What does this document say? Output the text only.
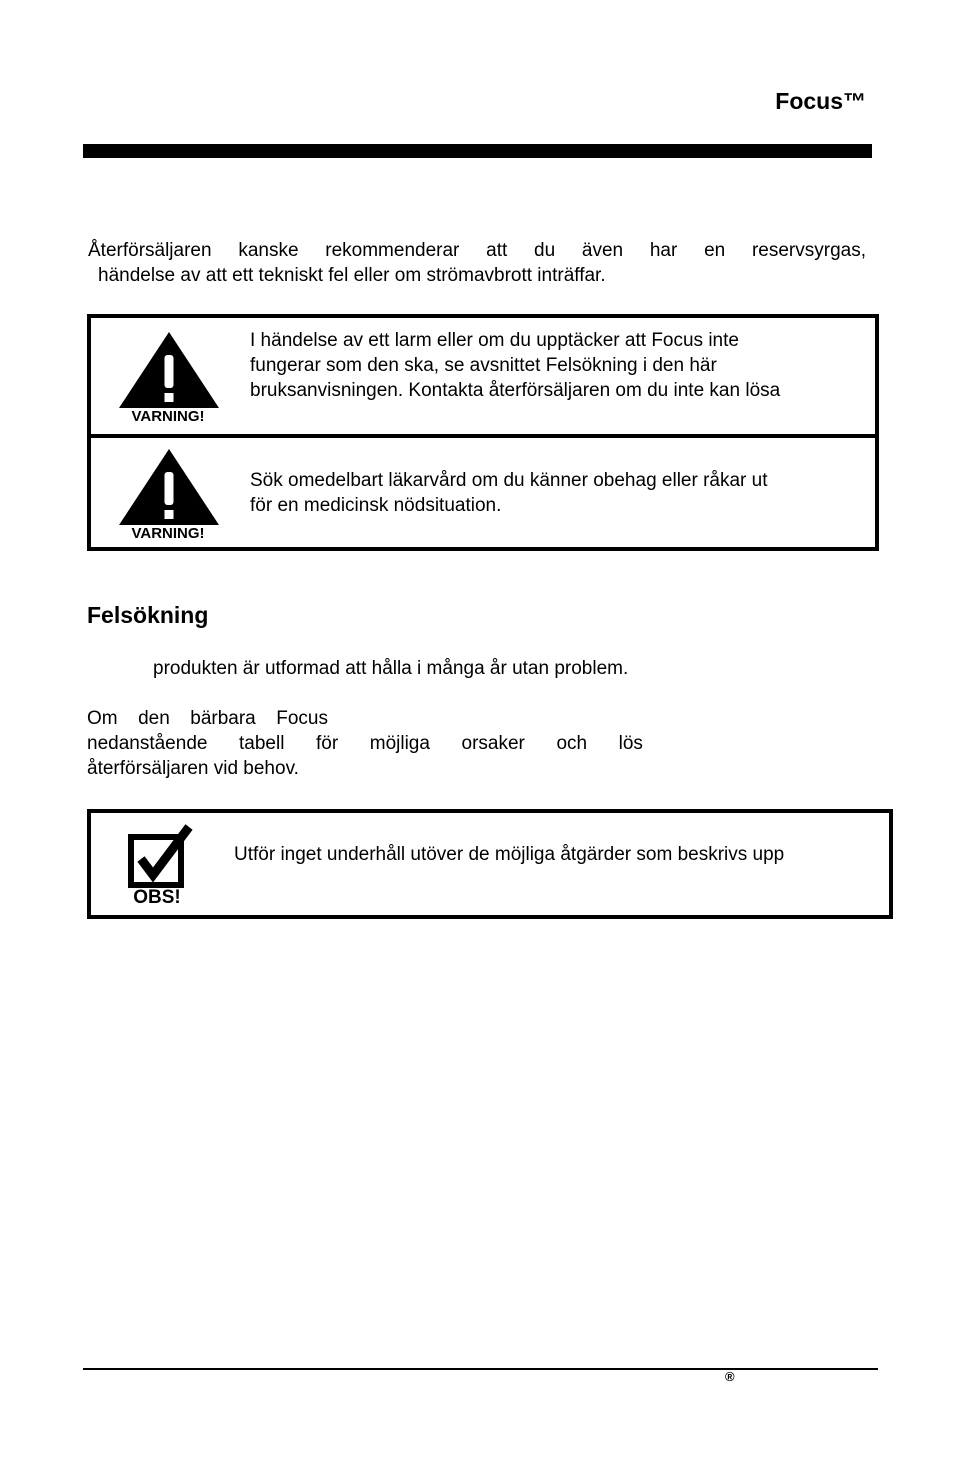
Focus™
Återförsäljaren kanske rekommenderar att du även har en reservsyrgas,
händelse av att ett tekniskt fel eller om strömavbrott inträffar.
VARNING!
I händelse av ett larm eller om du upptäcker att Focus inte
fungerar som den ska, se avsnittet Felsökning i den här
bruksanvisningen. Kontakta återförsäljaren om du inte kan lösa
VARNING!
Sök omedelbart läkarvård om du känner obehag eller råkar ut
för en medicinsk nödsituation.
Felsökning
produkten är utformad att hålla i många år utan problem.
Om den bärbara Focus
nedanstående tabell för möjliga orsaker och lös
återförsäljaren vid behov.
OBS!
Utför inget underhåll utöver de möjliga åtgärder som beskrivs upp
®
